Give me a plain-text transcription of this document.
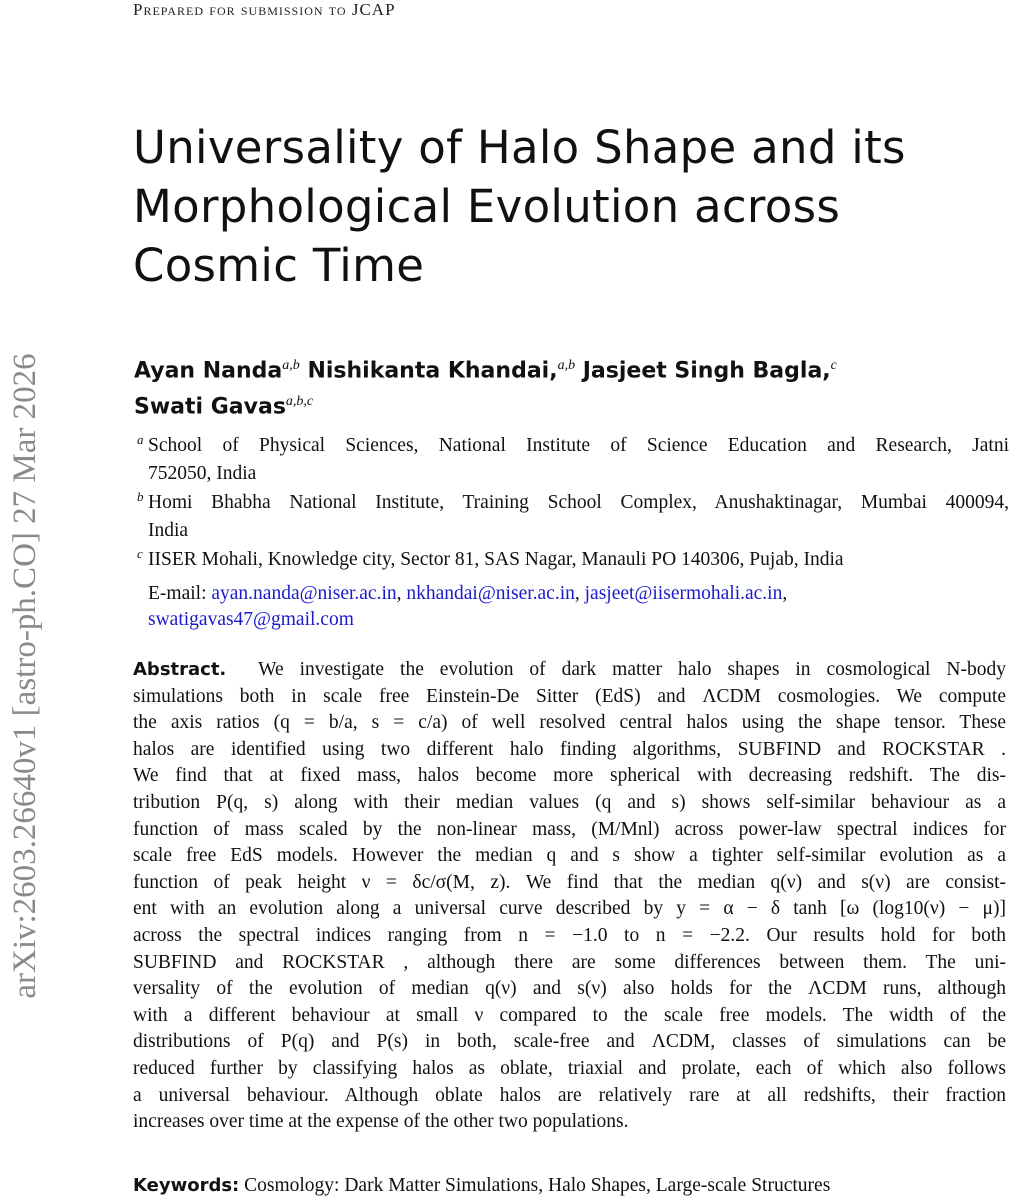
Prepared for submission to JCAP
arXiv:2603.26640v1 [astro-ph.CO] 27 Mar 2026
Universality of Halo Shape and its
Morphological Evolution across
Cosmic Time
Ayan Nanda$^{a,b}$ Nishikanta Khandai,$^{a,b}$ Jasjeet Singh Bagla,$^c$
Swati Gavas$^{a,b,c}$
a School of Physical Sciences, National Institute of Science Education and Research, Jatni
752050, India
b Homi Bhabha National Institute, Training School Complex, Anushaktinagar, Mumbai 400094,
India
c IISER Mohali, Knowledge city, Sector 81, SAS Nagar, Manauli PO 140306, Pujab, India
E-mail: ayan.nanda@niser.ac.in, nkhandai@niser.ac.in, jasjeet@iisermohali.ac.in,
swatigavas47@gmail.com
Abstract. We investigate the evolution of dark matter halo shapes in cosmological N-body
simulations both in scale free Einstein-De Sitter (EdS) and ΛCDM cosmologies. We compute
the axis ratios (q = b/a, s = c/a) of well resolved central halos using the shape tensor. These
halos are identified using two different halo finding algorithms, SUBFIND and ROCKSTAR .
We find that at fixed mass, halos become more spherical with decreasing redshift. The dis-
tribution P(q, s) along with their median values (q and s) shows self-similar behaviour as a
function of mass scaled by the non-linear mass, (M/Mnl) across power-law spectral indices for
scale free EdS models. However the median q and s show a tighter self-similar evolution as a
function of peak height ν = δc/σ(M, z). We find that the median q(ν) and s(ν) are consist-
ent with an evolution along a universal curve described by y = α − δ tanh [ω (log10(ν) − μ)]
across the spectral indices ranging from n = −1.0 to n = −2.2. Our results hold for both
SUBFIND and ROCKSTAR , although there are some differences between them. The uni-
versality of the evolution of median q(ν) and s(ν) also holds for the ΛCDM runs, although
with a different behaviour at small ν compared to the scale free models. The width of the
distributions of P(q) and P(s) in both, scale-free and ΛCDM, classes of simulations can be
reduced further by classifying halos as oblate, triaxial and prolate, each of which also follows
a universal behaviour. Although oblate halos are relatively rare at all redshifts, their fraction
increases over time at the expense of the other two populations.
Keywords: Cosmology: Dark Matter Simulations, Halo Shapes, Large-scale Structures
